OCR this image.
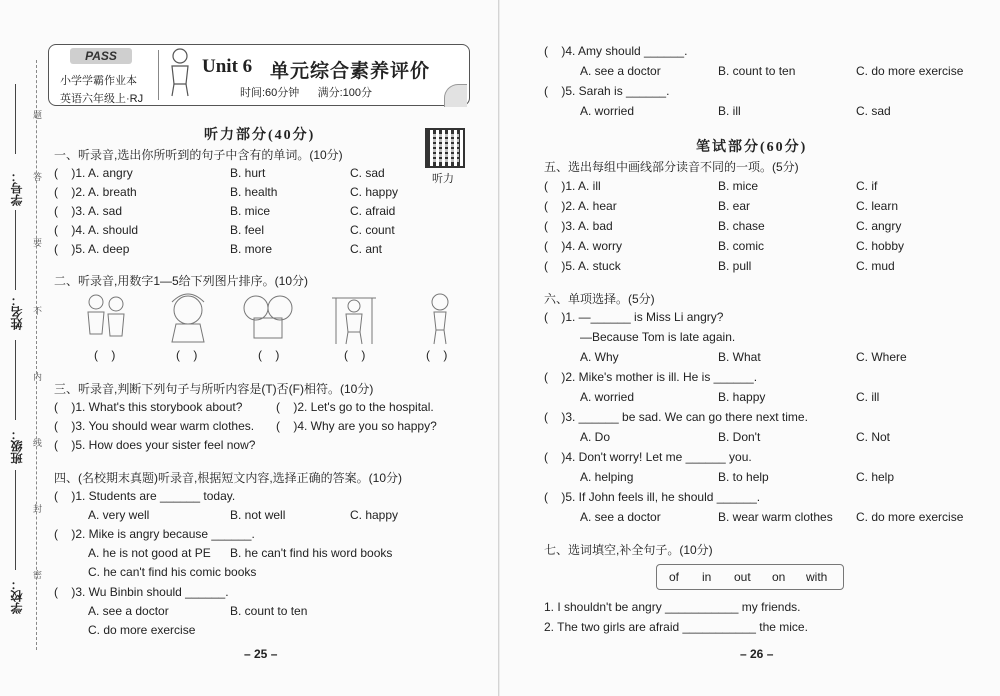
学号：
姓名：
班级：
学校：
题
答
要
不
内
线
封
密
PASS
小学学霸作业本
英语六年级上·RJ
Unit 6 单元综合素养评价
时间:60分钟      满分:100分
听力部分(40分)
听力
一、听录音,选出你所听到的句子中含有的单词。(10分)
(    )1. A. angry	B. hurt	C. sad
(    )2. A. breath	B. health	C. happy
(    )3. A. sad	B. mice	C. afraid
(    )4. A. should	B. feel	C. count
(    )5. A. deep	B. more	C. ant
二、听录音,用数字1—5给下列图片排序。(10分)
(    )	(    )	(    )	(    )	(    )
三、听录音,判断下列句子与所听内容是(T)否(F)相符。(10分)
(    )1. What's this storybook about?	(    )2. Let's go to the hospital.
(    )3. You should wear warm clothes. (    )4. Why are you so happy?
(    )5. How does your sister feel now?
四、(名校期末真题)听录音,根据短文内容,选择正确的答案。(10分)
(    )1. Students are ______ today.
A. very well	B. not well	C. happy
(    )2. Mike is angry because ______.
A. he is not good at PE B. he can't find his word books
C. he can't find his comic books
(    )3. Wu Binbin should ______.
A. see a doctor	B. count to ten
C. do more exercise
– 25 –
(    )4. Amy should ______.
A. see a doctor	B. count to ten	C. do more exercise
(    )5. Sarah is ______.
A. worried	B. ill	C. sad
笔试部分(60分)
五、选出每组中画线部分读音不同的一项。(5分)
(    )1. A. ill	B. mice	C. if
(    )2. A. hear	B. ear	C. learn
(    )3. A. bad	B. chase	C. angry
(    )4. A. worry	B. comic	C. hobby
(    )5. A. stuck	B. pull	C. mud
六、单项选择。(5分)
(    )1. —______ is Miss Li angry?
—Because Tom is late again.
A. Why	B. What	C. Where
(    )2. Mike's mother is ill. He is ______.
A. worried	B. happy	C. ill
(    )3. ______ be sad. We can go there next time.
A. Do	B. Don't	C. Not
(    )4. Don't worry! Let me ______ you.
A. helping	B. to help	C. help
(    )5. If John feels ill, he should ______.
A. see a doctor	B. wear warm clothes C. do more exercise
七、选词填空,补全句子。(10分)
of in out on with
1. I shouldn't be angry ___________ my friends.
2. The two girls are afraid ___________ the mice.
– 26 –
